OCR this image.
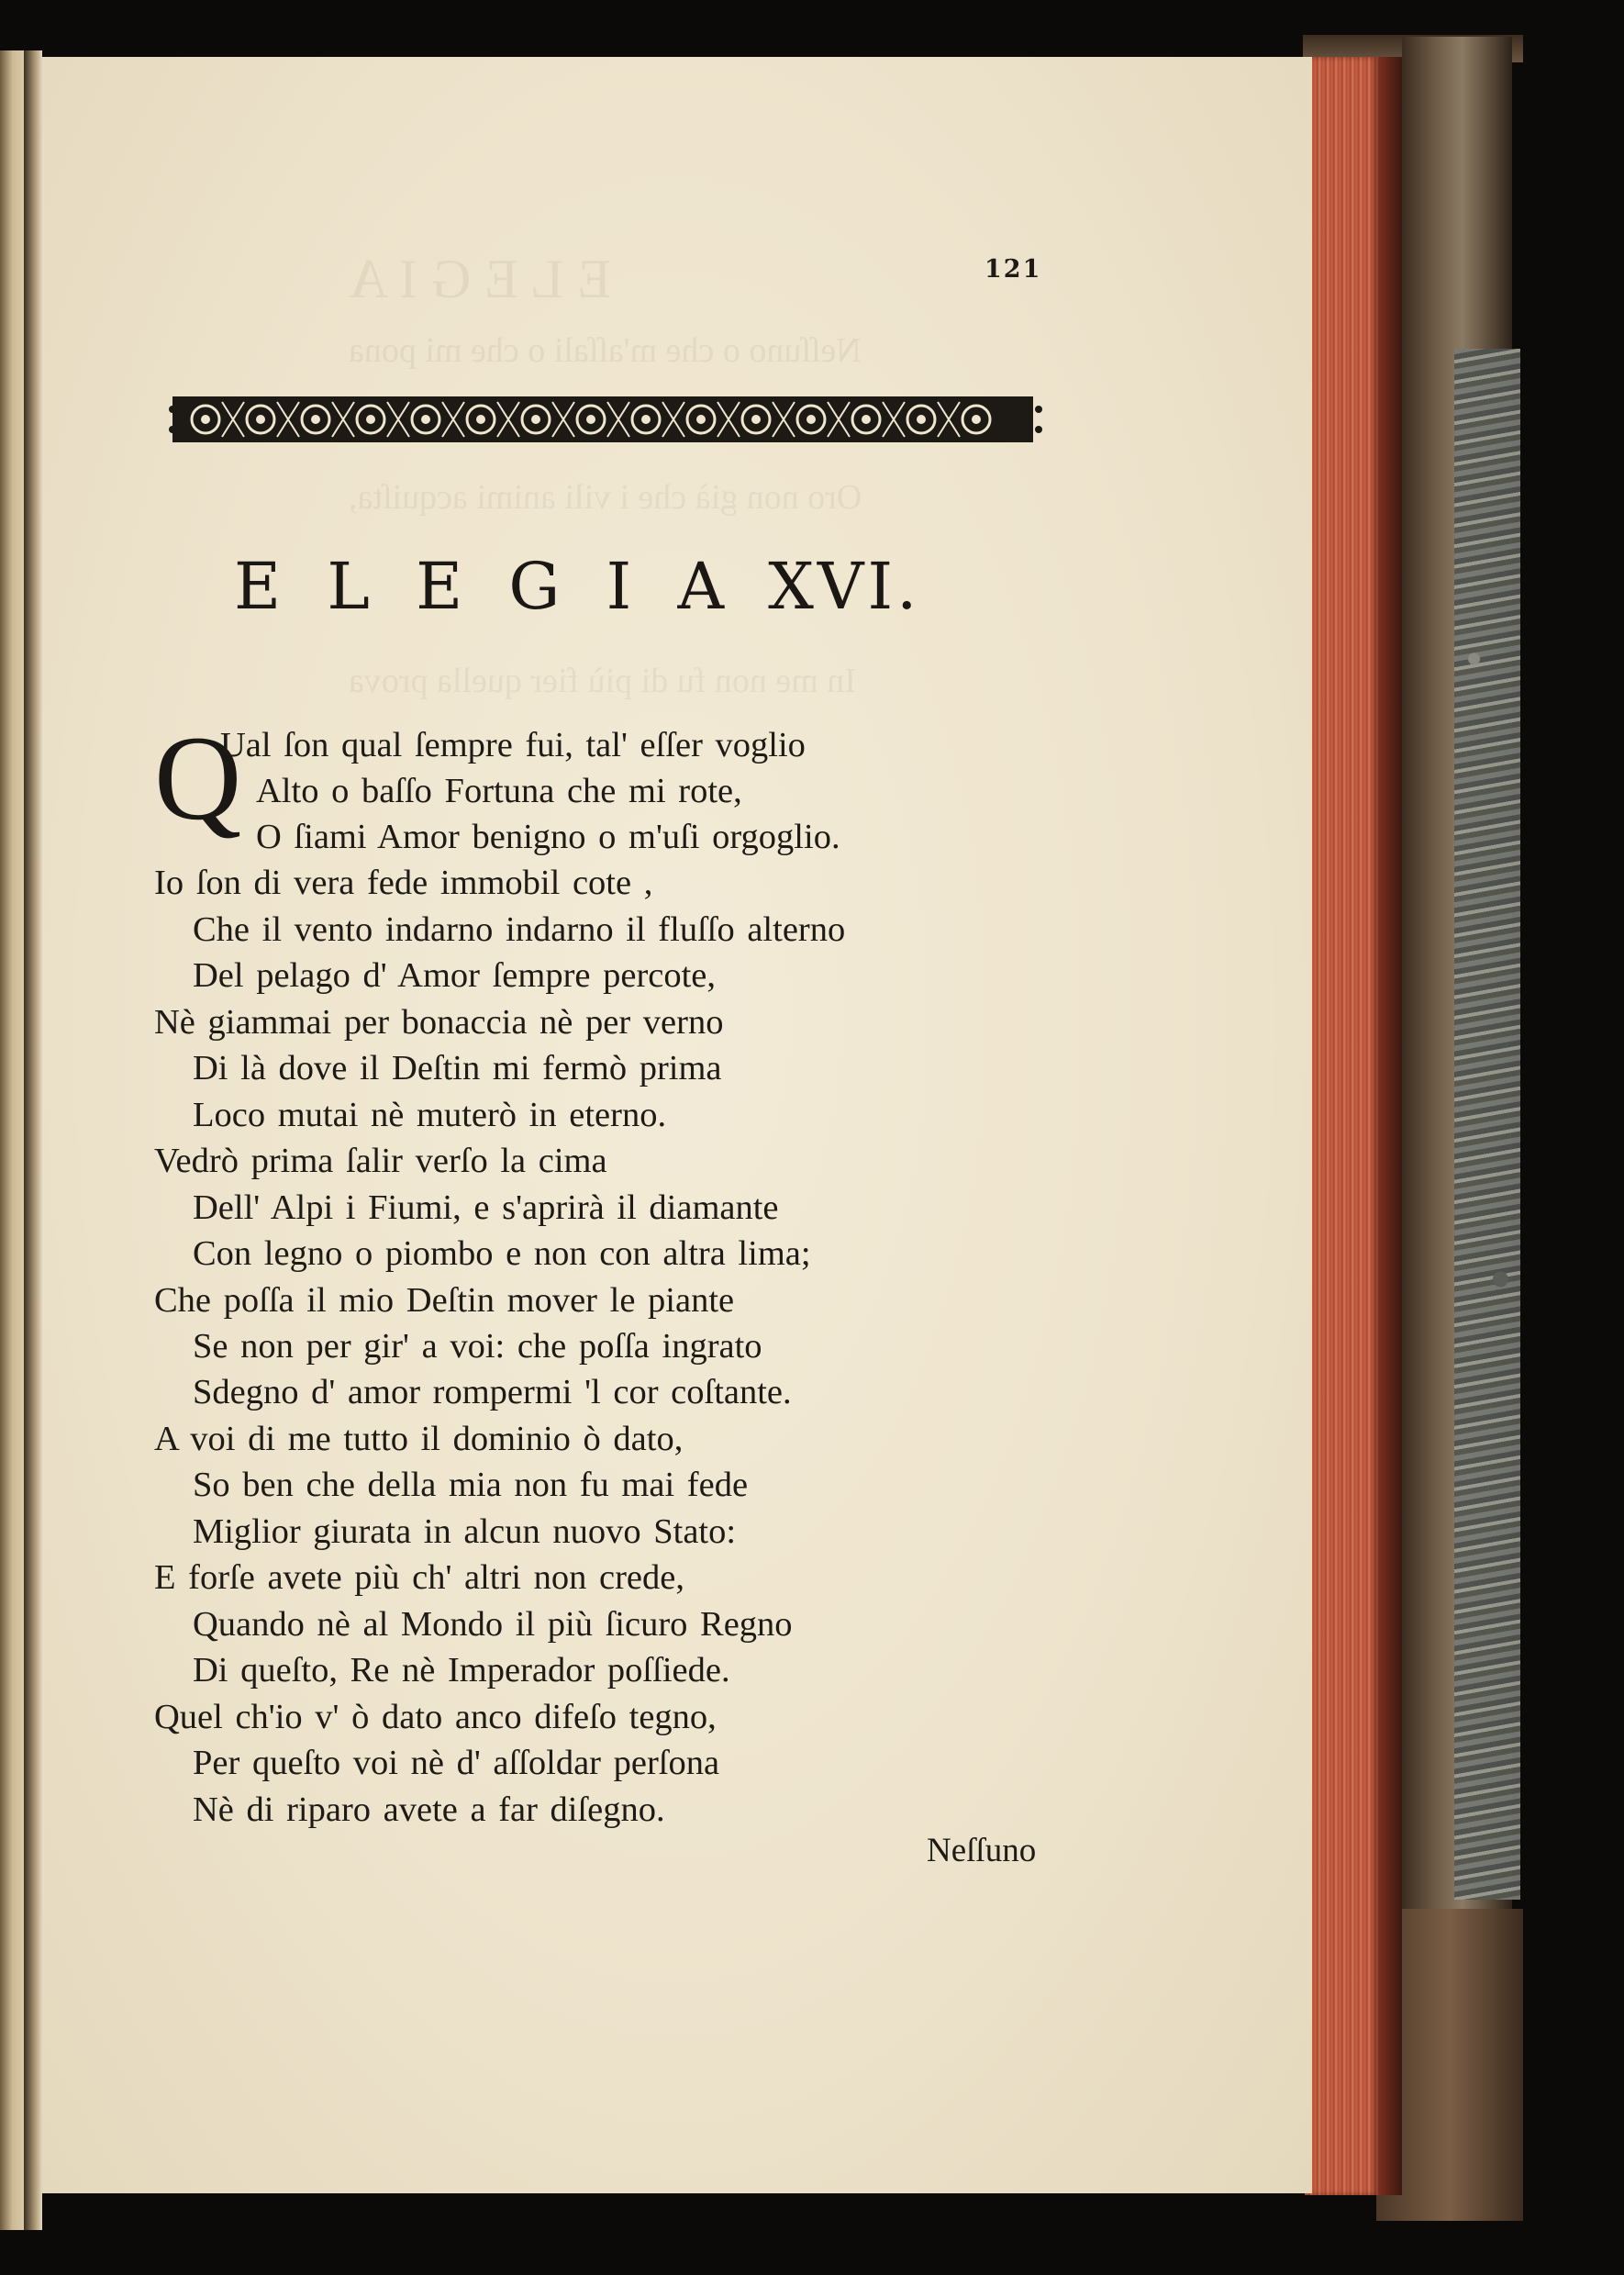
E L E G I A
Neſſuno o che m'aſſali o che mi pona
Oro non già che i vili animi acquiſta,
In me non fu di più fier quella prova
121
E L E G I A XVI.
Q
Ual ſon qual ſempre fui, tal' eſſer voglio
Alto o baſſo Fortuna che mi rote,
O ſiami Amor benigno o m'uſi orgoglio.
Io ſon di vera fede immobil cote ,
Che il vento indarno indarno il fluſſo alterno
Del pelago d' Amor ſempre percote,
Nè giammai per bonaccia nè per verno
Di là dove il Deſtin mi fermò prima
Loco mutai nè muterò in eterno.
Vedrò prima ſalir verſo la cima
Dell' Alpi i Fiumi, e s'aprirà il diamante
Con legno o piombo e non con altra lima;
Che poſſa il mio Deſtin mover le piante
Se non per gir' a voi: che poſſa ingrato
Sdegno d' amor rompermi 'l cor coſtante.
A voi di me tutto il dominio ò dato,
So ben che della mia non fu mai fede
Miglior giurata in alcun nuovo Stato:
E forſe avete più ch' altri non crede,
Quando nè al Mondo il più ſicuro Regno
Di queſto, Re nè Imperador poſſiede.
Quel ch'io v' ò dato anco difeſo tegno,
Per queſto voi nè d' aſſoldar perſona
Nè di riparo avete a far diſegno.
Neſſuno
